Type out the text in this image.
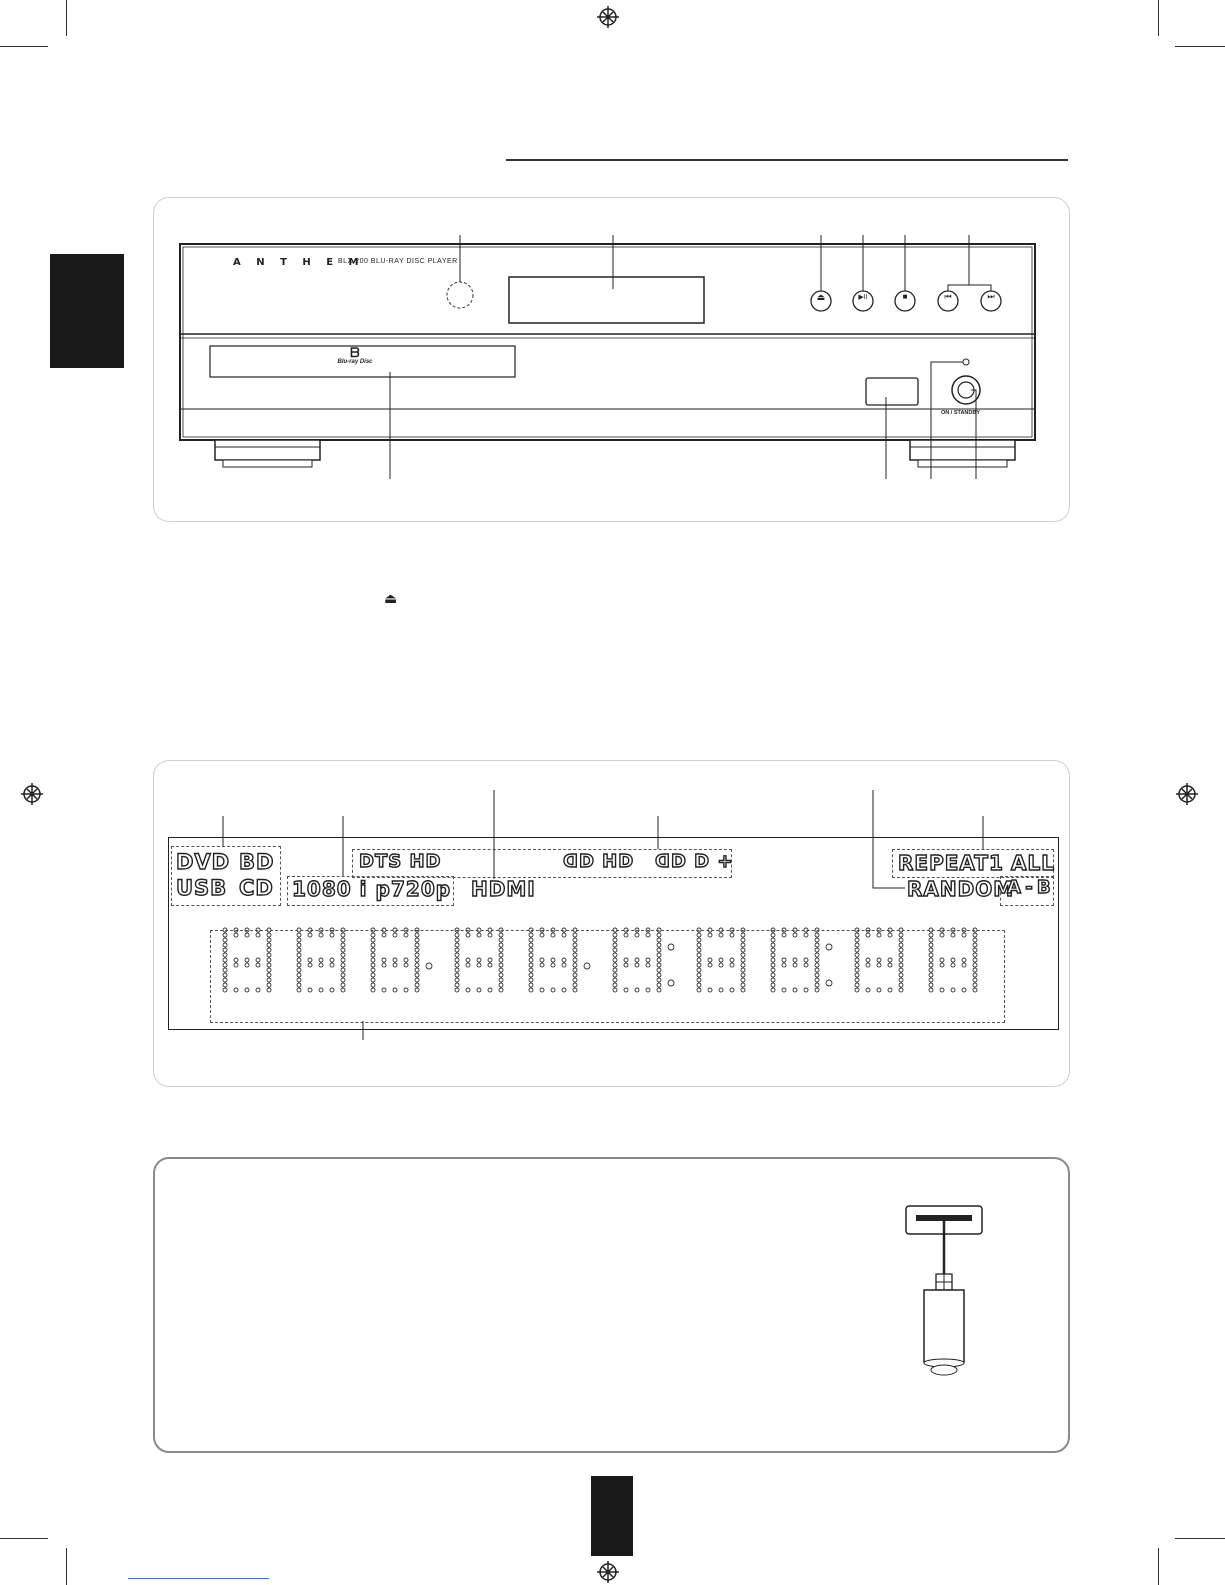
A N T H E M
BLX 200 BLU-RAY DISC PLAYER
ᗷ
Blu-ray Disc
ON / STANDBY
⏏	▶II	■	⏮	⏭
⏏
DVD BD
USB CD 1080 i p 720p HDMI
DTS HD	ᗡᗞ HD ᗡᗞ D +	REPEAT 1 ALL
RANDOM
A - B
